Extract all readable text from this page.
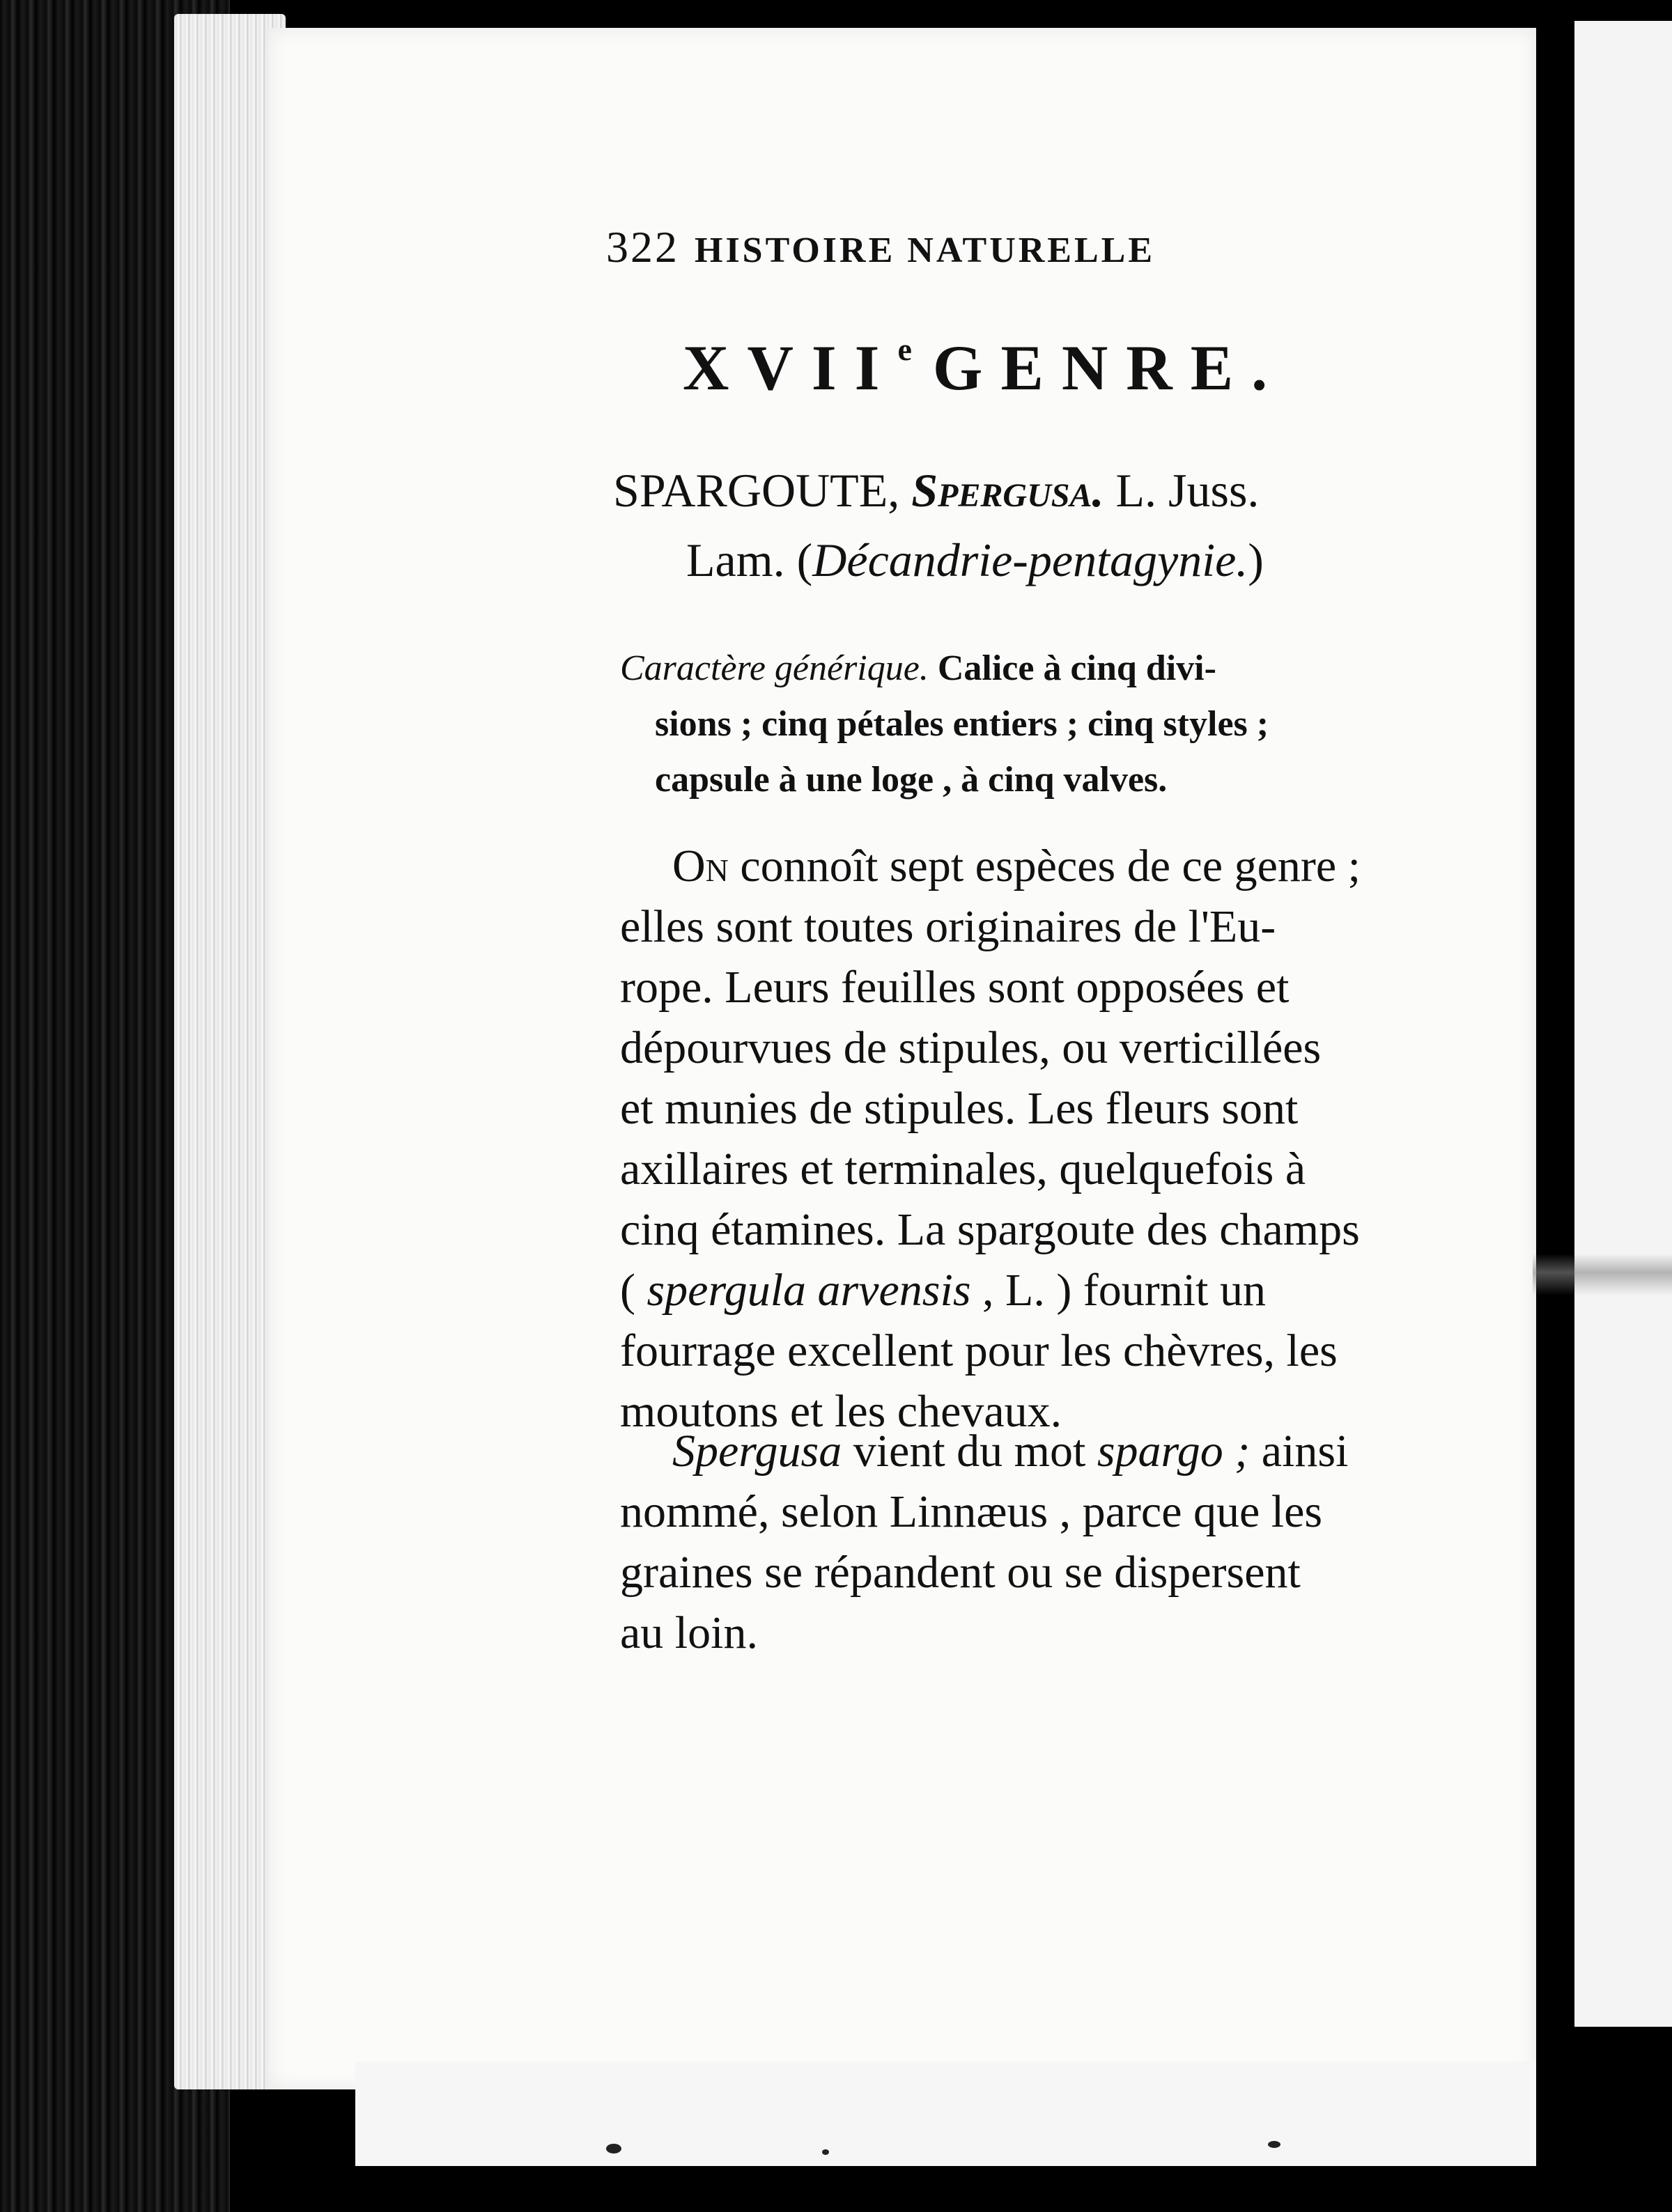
322 HISTOIRE NATURELLE
XVIIe GENRE.
SPARGOUTE, Spergusa. L. Juss.
Lam. (Décandrie-pentagynie.)
Caractère générique. Calice à cinq divi-
sions ; cinq pétales entiers ; cinq styles ;
capsule à une loge , à cinq valves.
On connoît sept espèces de ce genre ;
elles sont toutes originaires de l'Eu-
rope. Leurs feuilles sont opposées et
dépourvues de stipules, ou verticillées
et munies de stipules. Les fleurs sont
axillaires et terminales, quelquefois à
cinq étamines. La spargoute des champs
( spergula arvensis , L. ) fournit un
fourrage excellent pour les chèvres, les
moutons et les chevaux.
Spergusa vient du mot spargo ; ainsi
nommé, selon Linnæus , parce que les
graines se répandent ou se dispersent
au loin.
